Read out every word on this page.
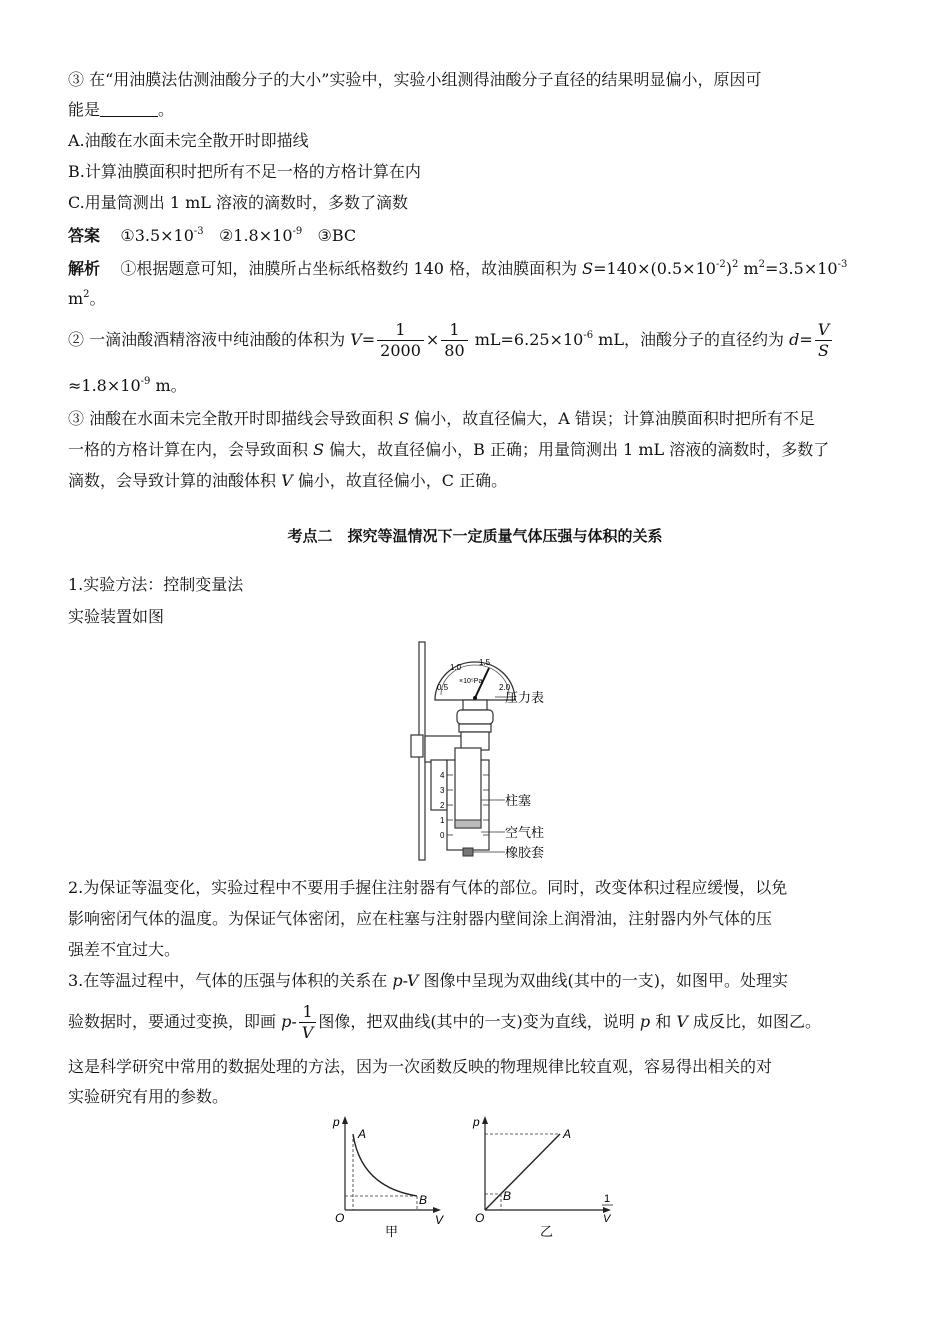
③ 在“用油膜法估测油酸分子的大小”实验中，实验小组测得油酸分子直径的结果明显偏小，原因可
能是	。
A.油酸在水面未完全散开时即描线
B.计算油膜面积时把所有不足一格的方格计算在内
C.用量筒测出 1 mL 溶液的滴数时，多数了滴数
答案 $①3.5\times 10^{-3}$ $②1.8\times 10^{-9}$ ③BC
解析 ①根据题意可知，油膜所占坐标纸格数约 140 格，故油膜面积为 $S=140\times(0.5\times 10^{-2})^2$ $m^2=3.5\times 10^{-3}$
$m^2$。
② 一滴油酸酒精溶液中纯油酸的体积为 $V= \frac{1}{2000} \times \frac{1}{80} mL=6.25\times 10^{-6}$ mL，油酸分子的直径约为 $d= \frac{V}{S}$
$\approx 1.8\times 10^{-9}$ m。
③ 油酸在水面未完全散开时即描线会导致面积 S 偏小，故直径偏大，A 错误；计算油膜面积时把所有不足
一格的方格计算在内，会导致面积 S 偏大，故直径偏小，B 正确；用量筒测出 1 mL 溶液的滴数时，多数了
滴数，会导致计算的油酸体积 V 偏小，故直径偏小，C 正确。
考点二　探究等温情况下一定质量气体压强与体积的关系
1.实验方法：控制变量法
实验装置如图
0.5
1.0
1.5
2.0
×10⁵Pa
4
3
2
1
0
压力表
柱塞
空气柱
橡胶套
2.为保证等温变化，实验过程中不要用手握住注射器有气体的部位。同时，改变体积过程应缓慢，以免
影响密闭气体的温度。为保证气体密闭，应在柱塞与注射器内壁间涂上润滑油，注射器内外气体的压
强差不宜过大。
3.在等温过程中，气体的压强与体积的关系在 p-V 图像中呈现为双曲线(其中的一支)，如图甲。处理实
验数据时，要通过变换，即画 $p- \frac{1}{V}$ 图像，把双曲线(其中的一支)变为直线，说明 p 和 V 成反比，如图乙。
这是科学研究中常用的数据处理的方法，因为一次函数反映的物理规律比较直观，容易得出相关的对
实验研究有用的参数。
p
V
O
A
B
甲
p
1
V
O
A
B
乙
